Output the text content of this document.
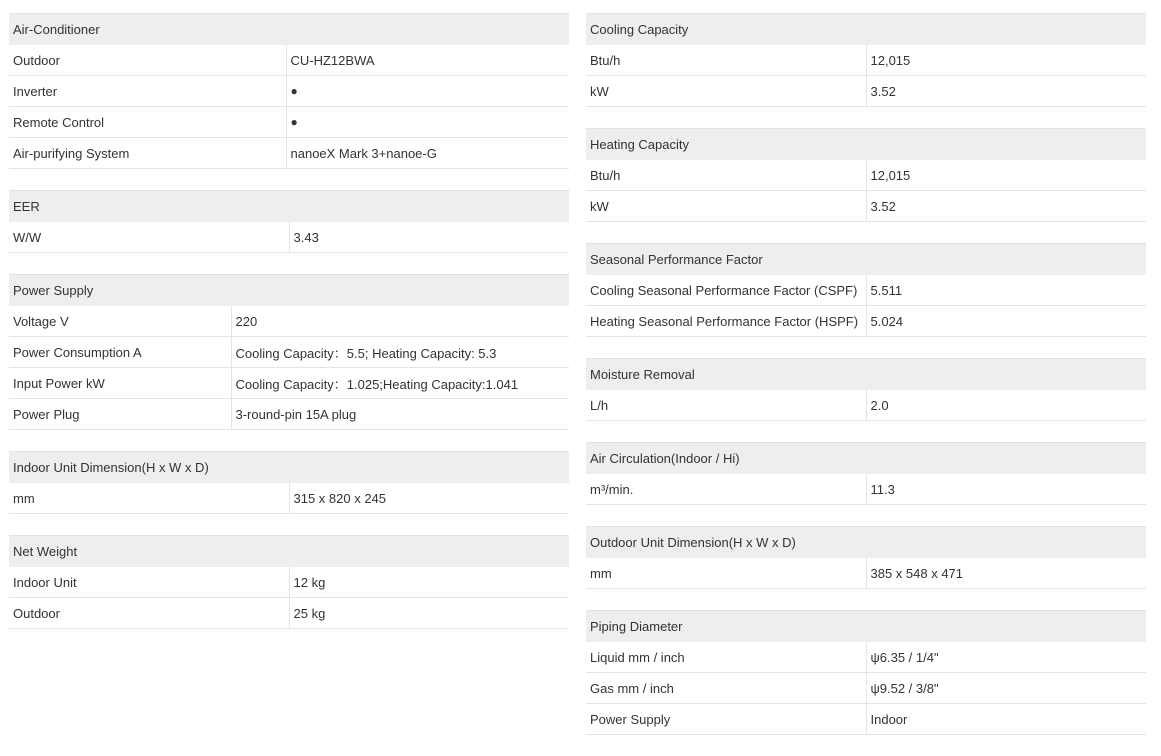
Air-Conditioner	
Outdoor	CU-HZ12BWA
Inverter	●
Remote Control	●
Air-purifying System	nanoeX Mark 3+nanoe-G
EER
W/W	3.43
Power Supply	
Voltage V	220
Power Consumption A	Cooling Capacity：5.5; Heating Capacity: 5.3
Input Power kW	Cooling Capacity：1.025;Heating Capacity:1.041
Power Plug	3-round-pin 15A plug
Indoor Unit Dimension(H x W x D)
mm	315 x 820 x 245
Net Weight	
Indoor Unit	12 kg
Outdoor	25 kg
Cooling Capacity	
Btu/h	12,015
kW	3.52
Heating Capacity	
Btu/h	12,015
kW	3.52
Seasonal Performance Factor	
Cooling Seasonal Performance Factor (CSPF)	5.511
Heating Seasonal Performance Factor (HSPF)	5.024
Moisture Removal
L/h	2.0
Air Circulation(Indoor / Hi)
m³/min.	11.3
Outdoor Unit Dimension(H x W x D)
mm	385 x 548 x 471
Piping Diameter	
Liquid mm / inch	ψ6.35 / 1/4"
Gas mm / inch	ψ9.52 / 3/8"
Power Supply	Indoor
